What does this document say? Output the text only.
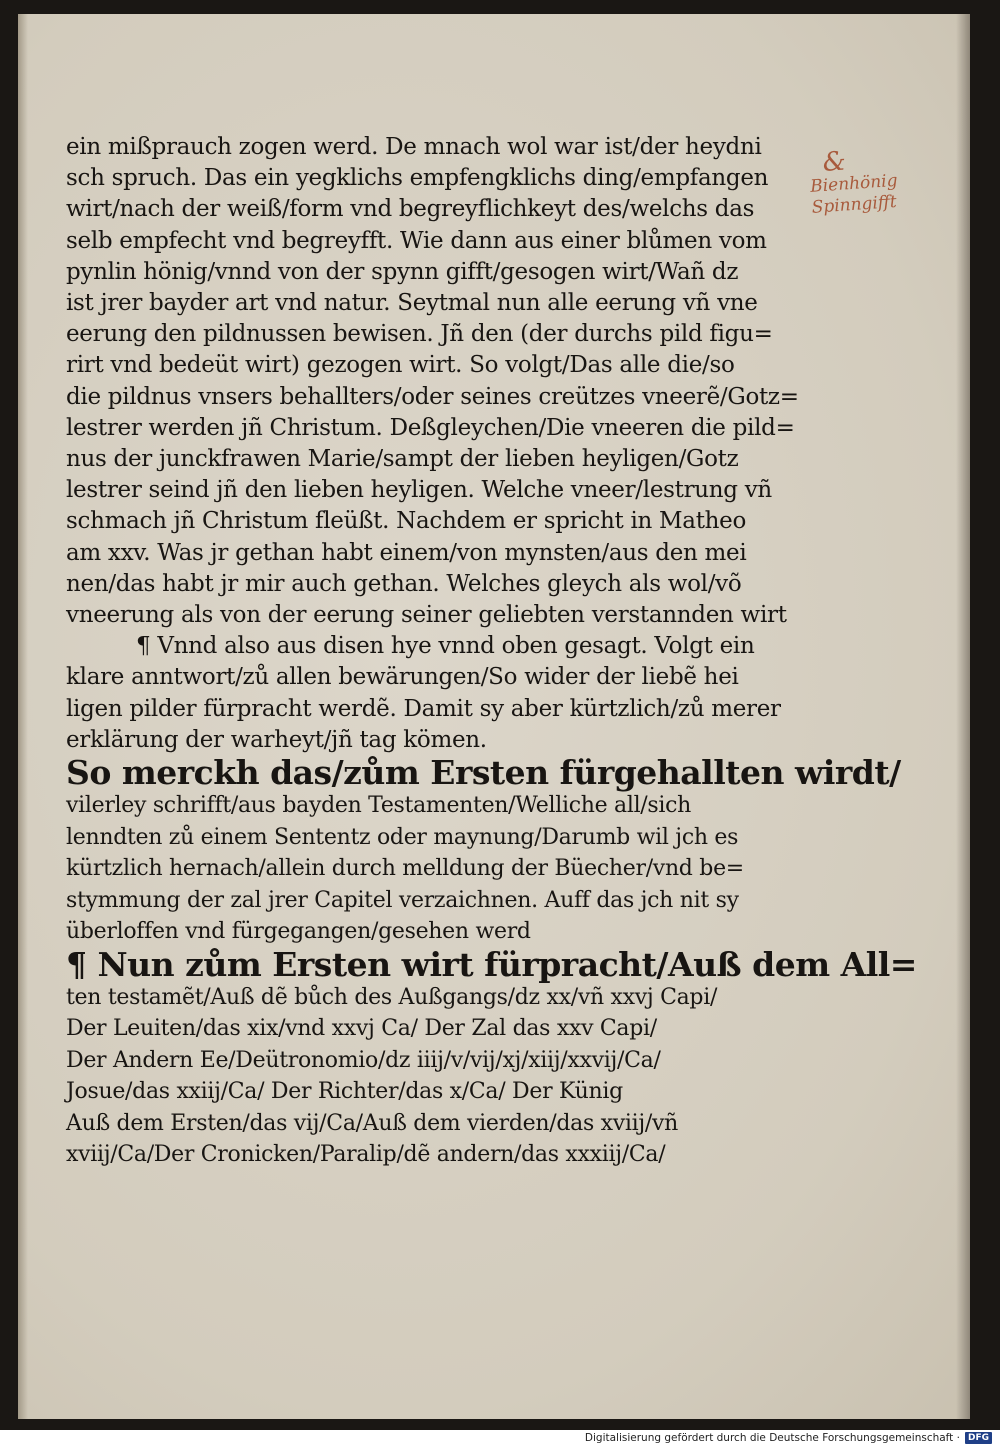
ein mißprauch zogen werd. De mnach wol war ist/der heydni
sch spruch. Das ein yegklichs empfengklichs ding/empfangen
wirt/nach der weiß/form vnd begreyflichkeyt des/welchs das
selb empfecht vnd begreyfft. Wie dann aus einer blůmen vom
pynlin hönig/vnnd von der spynn gifft/gesogen wirt/Wañ dz
ist jrer bayder art vnd natur. Seytmal nun alle eerung vñ vne
eerung den pildnussen bewisen. Jñ den (der durchs pild figu=
rirt vnd bedeüt wirt) gezogen wirt. So volgt/Das alle die/so
die pildnus vnsers behallters/oder seines creützes vneerẽ/Gotz=
lestrer werden jñ Christum. Deßgleychen/Die vneeren die pild=
nus der junckfrawen Marie/sampt der lieben heyligen/Gotz
lestrer seind jñ den lieben heyligen. Welche vneer/lestrung vñ
schmach jñ Christum fleüßt. Nachdem er spricht in Matheo
am xxv. Was jr gethan habt einem/von mynsten/aus den mei
nen/das habt jr mir auch gethan. Welches gleych als wol/võ
vneerung als von der eerung seiner geliebten verstannden wirt
¶ Vnnd also aus disen hye vnnd oben gesagt. Volgt ein
klare anntwort/zů allen bewärungen/So wider der liebẽ hei
ligen pilder fürpracht werdẽ. Damit sy aber kürtzlich/zů merer
erklärung der warheyt/jñ tag kömen.
So merckh das/zům Ersten fürgehallten wirdt/
vilerley schrifft/aus bayden Testamenten/Welliche all/sich
lenndten zů einem Sententz oder maynung/Darumb wil jch es
kürtzlich hernach/allein durch melldung der Büecher/vnd be=
stymmung der zal jrer Capitel verzaichnen. Auff das jch nit sy
überloffen vnd fürgegangen/gesehen werd
¶ Nun zům Ersten wirt fürpracht/Auß dem All=
ten testamẽt/Auß dẽ bůch des Außgangs/dz xx/vñ xxvj Capi/
Der Leuiten/das xix/vnd xxvj Ca/ Der Zal das xxv Capi/
Der Andern Ee/Deütronomio/dz iiij/v/vij/xj/xiij/xxvij/Ca/
Josue/das xxiij/Ca/ Der Richter/das x/Ca/ Der Künig
Auß dem Ersten/das vij/Ca/Auß dem vierden/das xviij/vñ
xviij/Ca/Der Cronicken/Paralip/dẽ andern/das xxxiij/Ca/
&
Bienhönig
Spinngifft
Digitalisierung gefördert durch die Deutsche Forschungsgemeinschaft · DFG
